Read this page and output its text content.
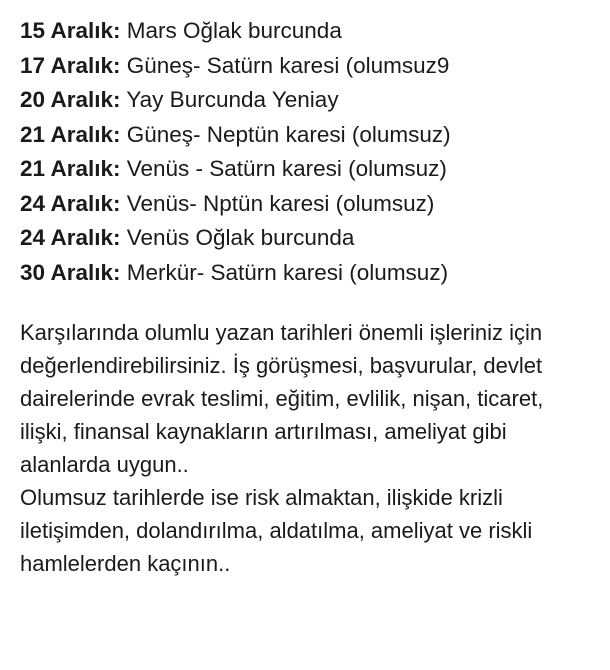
15 Aralık: Mars Oğlak burcunda
17 Aralık: Güneş- Satürn karesi (olumsuz9
20 Aralık: Yay Burcunda Yeniay
21 Aralık: Güneş- Neptün karesi (olumsuz)
21 Aralık: Venüs - Satürn karesi (olumsuz)
24 Aralık: Venüs- Nptün karesi (olumsuz)
24 Aralık: Venüs Oğlak burcunda
30 Aralık: Merkür- Satürn karesi (olumsuz)

Karşılarında olumlu yazan tarihleri önemli işleriniz için değerlendirebilirsiniz. İş görüşmesi, başvurular, devlet dairelerinde evrak teslimi, eğitim, evlilik, nişan, ticaret, ilişki, finansal kaynakların artırılması, ameliyat gibi alanlarda uygun..

Olumsuz tarihlerde ise risk almaktan, ilişkide krizli iletişimden, dolandırılma, aldatılma, ameliyat ve riskli hamlelerden kaçının..
